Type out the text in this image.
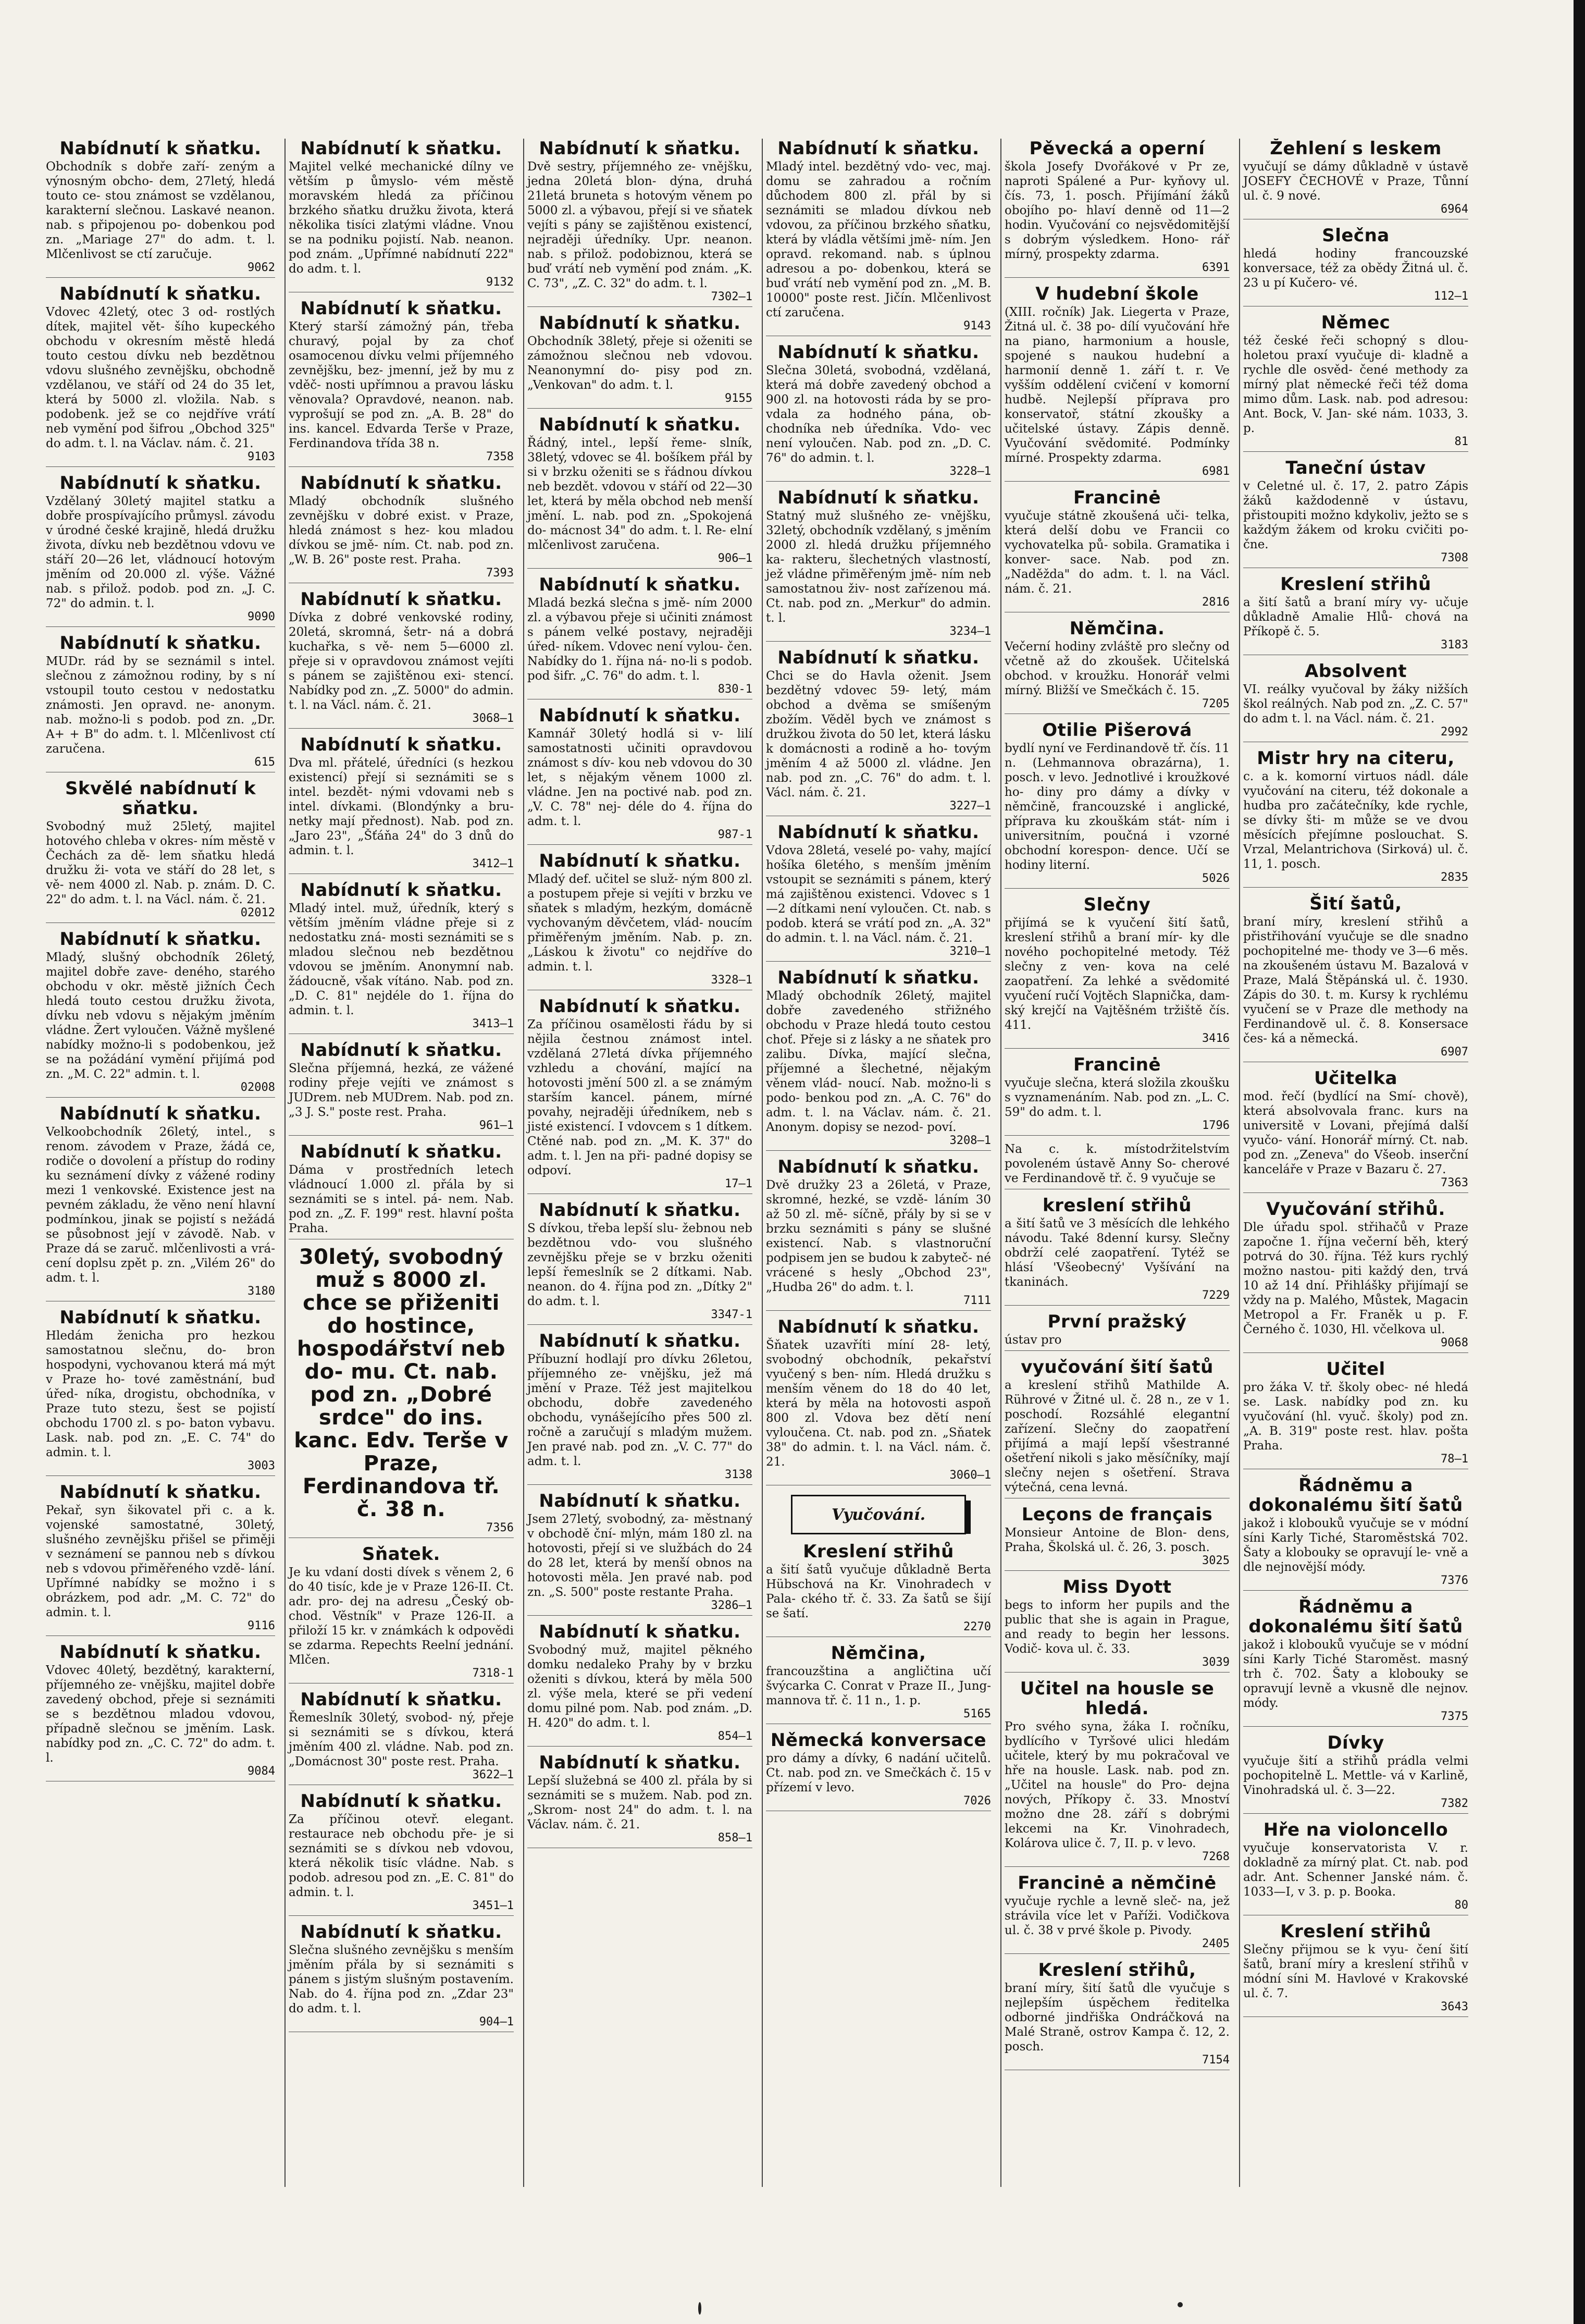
Nabídnutí k sňatku.

Obchodník s dobře zaří- zeným a výnosným obcho- dem, 27letý, hledá touto ce- stou známost se vzdělanou, karakterní slečnou. Laskavé neanon. nab. s připojenou po- dobenkou pod zn. „Mariage 27" do adm. t. l. Mlčenlivost se ctí zaručuje.

9062
Nabídnutí k sňatku.

Vdovec 42letý, otec 3 od- rostlých dítek, majitel vět- šího kupeckého obchodu v okresním městě hledá touto cestou dívku neb bezdětnou vdovu slušného zevnějšku, obchodně vzdělanou, ve stáří od 24 do 35 let, která by 5000 zl. vložila. Nab. s podobenk. jež se co nejdříve vrátí neb vymění pod šifrou „Obchod 325" do adm. t. l. na Václav. nám. č. 21.

9103
Nabídnutí k sňatku.

Vzdělaný 30letý majitel statku a dobře prospívajícího průmysl. závodu v úrodné české krajině, hledá družku života, dívku neb bezdětnou vdovu ve stáří 20—26 let, vládnoucí hotovým jměním od 20.000 zl. výše. Vážné nab. s přilož. podob. pod zn. „J. C. 72" do admin. t. l.

9090
Nabídnutí k sňatku.

MUDr. rád by se seznámil s intel. slečnou z zámožnou rodiny, by s ní vstoupil touto cestou v nedostatku známosti. Jen opravd. ne- anonym. nab. možno-li s podob. pod zn. „Dr. A+ + B" do adm. t. l. Mlčenlivost ctí zaručena.

615
Skvělé nabídnutí k sňatku.

Svobodný muž 25letý, majitel hotového chleba v okres- ním městě v Čechách za dě- lem sňatku hledá družku ži- vota ve stáří do 28 let, s vě- nem 4000 zl. Nab. p. znám. D. C. 22" do adm. t. l. na Václ. nám. č. 21.

02012
Nabídnutí k sňatku.

Mladý, slušný obchodník 26letý, majitel dobře zave- deného, starého obchodu v okr. městě jižních Čech hledá touto cestou družku života, dívku neb vdovu s nějakým jměním vládne. Žert vyloučen. Vážně myšlené nabídky možno-li s podobenkou, jež se na požádání vymění přijímá pod zn. „M. C. 22" admin. t. l.

02008
Nabídnutí k sňatku.

Velkoobchodník 26letý, intel., s renom. závodem v Praze, žádá ce, rodiče o dovolení a přístup do rodiny ku seznámení dívky z vážené rodiny mezi 1 venkovské. Existence jest na pevném základu, že věno není hlavní podmínkou, jinak se pojistí s nežádá se působnost její v závodě. Nab. v Praze dá se zaruč. mlčenlivosti a vrá- cení doplsu zpět p. zn. „Vilém 26" do adm. t. l.

3180
Nabídnutí k sňatku.

Hledám ženicha pro hezkou samostatnou slečnu, do- bron hospodyni, vychovanou která má mýt v Praze ho- tové zaměstnání, buď úřed- níka, drogistu, obchodníka, v Praze tuto stezu, šest se pojistí obchodu 1700 zl. s po- baton vybavu. Lask. nab. pod zn. „E. C. 74" do admin. t. l.

3003
Nabídnutí k sňatku.

Pekař, syn šikovatel při c. a k. vojenské samostatné, 30letý, slušného zevnějšku přišel se přiměji v seznámení se pannou neb s dívkou neb s vdovou přiměřeného vzdě- lání. Upřímné nabídky se možno i s obrázkem, pod adr. „M. C. 72" do admin. t. l.

9116
Nabídnutí k sňatku.

Vdovec 40letý, bezdětný, karakterní, příjemného ze- vnějšku, majitel dobře zavedený obchod, přeje si seznámiti se s bezdětnou mladou vdovou, případně slečnou se jměním. Lask. nabídky pod zn. „C. C. 72" do adm. t. l.

9084
Nabídnutí k sňatku.

Majitel velké mechanické dílny ve větším p ůmyslo- vém městě moravském hledá za příčinou brzkého sňatku družku života, která několika tisíci zlatými vládne. Vnou se na podniku pojistí. Nab. neanon. pod znám. „Upřímné nabídnutí 222" do adm. t. l.

9132
Nabídnutí k sňatku.

Který starší zámožný pán, třeba churavý, pojal by za choť osamocenou dívku velmi příjemného zevnějšku, bez- jmenní, jež by mu z vděč- nosti upřímnou a pravou lásku věnovala? Opravdové, neanon. nab. vyprošují se pod zn. „A. B. 28" do ins. kancel. Edvarda Terše v Praze, Ferdinandova třída 38 n.

7358
Nabídnutí k sňatku.

Mladý obchodník slušného zevnějšku v dobré exist. v Praze, hledá známost s hez- kou mladou dívkou se jmě- ním. Ct. nab. pod zn. „W. B. 26" poste rest. Praha.

7393
Nabídnutí k sňatku.

Dívka z dobré venkovské rodiny, 20letá, skromná, šetr- ná a dobrá kuchařka, s vě- nem 5—6000 zl. přeje si v opravdovou známost vejíti s pánem se zajištěnou exi- stencí. Nabídky pod zn. „Z. 5000" do admin. t. l. na Václ. nám. č. 21.

3068—1
Nabídnutí k sňatku.

Dva ml. přátelé, úředníci (s hezkou existencí) přejí si seznámiti se s intel. bezdět- nými vdovami neb s intel. dívkami. (Blondýnky a bru- netky mají přednost). Nab. pod zn. „Jaro 23", „Šťáňa 24" do 3 dnů do admin. t. l.

3412—1
Nabídnutí k sňatku.

Mladý intel. muž, úředník, který s větším jměním vládne přeje si z nedostatku zná- mosti seznámiti se s mladou slečnou neb bezdětnou vdovou se jměním. Anonymní nab. žádoucně, však vítáno. Nab. pod zn. „D. C. 81" nejdéle do 1. října do admin. t. l.

3413—1
Nabídnutí k sňatku.

Slečna příjemná, hezká, ze vážené rodiny přeje vejíti ve známost s JUDrem. neb MUDrem. Nab. pod zn. „3 J. S." poste rest. Praha.

961—1
Nabídnutí k sňatku.

Dáma v prostředních letech vládnoucí 1.000 zl. přála by si seznámiti se s intel. pá- nem. Nab. pod zn. „Z. F. 199" rest. hlavní pošta Praha.

30letý, svobodný muž s 8000 zl. chce se přiženiti do hostince, hospodářství neb do- mu. Ct. nab. pod zn. „Dobré srdce" do ins. kanc. Edv. Terše v Praze, Ferdinandova tř. č. 38 n.
7356
Sňatek.

Je ku vdaní dosti dívek s věnem 2, 6 do 40 tisíc, kde je v Praze 126-II. Ct. adr. pro- dej na adresu „Český ob- chod. Věstník" v Praze 126-II. a přiloží 15 kr. v známkách k odpovědi se zdarma. Repechts Reelní jednání. Mlčen.

7318-1
Nabídnutí k sňatku.

Řemeslník 30letý, svobod- ný, přeje si seznámiti se s dívkou, která jměním 400 zl. vládne. Nab. pod zn. „Domácnost 30" poste rest. Praha.

3622—1
Nabídnutí k sňatku.

Za příčinou otevř. elegant. restaurace neb obchodu pře- je si seznámiti se s dívkou neb vdovou, která několik tisíc vládne. Nab. s podob. adresou pod zn. „E. C. 81" do admin. t. l.

3451—1
Nabídnutí k sňatku.

Slečna slušného zevnějšku s menším jměním přála by si seznámiti s pánem s jistým slušným postavením. Nab. do 4. října pod zn. „Zdar 23" do adm. t. l.

904—1
Nabídnutí k sňatku.

Dvě sestry, příjemného ze- vnějšku, jedna 20letá blon- dýna, druhá 21letá bruneta s hotovým věnem po 5000 zl. a výbavou, přejí si ve sňatek vejíti s pány se zajištěnou existencí, nejraději úředníky. Upr. neanon. nab. s přilož. podobiznou, která se buď vrátí neb vymění pod znám. „K. C. 73", „Z. C. 32" do adm. t. l.

7302—1
Nabídnutí k sňatku.

Obchodník 38letý, přeje si oženiti se zámožnou slečnou neb vdovou. Neanonymní do- pisy pod zn. „Venkovan" do adm. t. l.

9155
Nabídnutí k sňatku.

Řádný, intel., lepší řeme- slník, 38letý, vdovec se 4l. bošíkem přál by si v brzku oženiti se s řádnou dívkou neb bezdět. vdovou v stáří od 22—30 let, která by měla obchod neb menší jmění. L. nab. pod zn. „Spokojená do- mácnost 34" do adm. t. l. Re- elní mlčenlivost zaručena.

906—1
Nabídnutí k sňatku.

Mladá bezká slečna s jmě- ním 2000 zl. a výbavou přeje si učiniti známost s pánem velké postavy, nejraději úřed- níkem. Vdovec není vylou- čen. Nabídky do 1. října ná- no-li s podob. pod šifr. „C. 76" do adm. t. l.

830-1
Nabídnutí k sňatku.

Kamnář 30letý hodlá si v- lilí samostatnosti učiniti opravdovou známost s dív- kou neb vdovou do 30 let, s nějakým věnem 1000 zl. vládne. Jen na poctivé nab. pod zn. „V. C. 78" nej- déle do 4. října do adm. t. l.

987-1
Nabídnutí k sňatku.

Mladý def. učitel se služ- ným 800 zl. a postupem přeje si vejíti v brzku ve sňatek s mladým, hezkým, domácně vychovaným děvčetem, vlád- noucím přiměřeným jměním. Nab. p. zn. „Láskou k životu" co nejdříve do admin. t. l.

3328—1
Nabídnutí k sňatku.

Za příčinou osamělosti řádu by si nějila čestnou známost intel. vzdělaná 27letá dívka příjemného vzhledu a chování, mající na hotovosti jmění 500 zl. a se známým starším kancel. pánem, mírné povahy, nejraději úředníkem, neb s jisté existencí. I vdovcem s 1 dítkem. Ctěné nab. pod zn. „M. K. 37" do adm. t. l. Jen na při- padné dopisy se odpoví.

17—1
Nabídnutí k sňatku.

S dívkou, třeba lepší slu- žebnou neb bezdětnou vdo- vou slušného zevnějšku přeje se v brzku oženiti lepší řemeslník se 2 dítkami. Nab. neanon. do 4. října pod zn. „Dítky 2" do adm. t. l.

3347-1
Nabídnutí k sňatku.

Příbuzní hodlají pro dívku 26letou, příjemného ze- vnějšku, jež má jmění v Praze. Též jest majitelkou obchodu, dobře zavedeného obchodu, vynášejícího přes 500 zl. ročně a zaručují s mladým mužem. Jen pravé nab. pod zn. „V. C. 77" do adm. t. l.

3138
Nabídnutí k sňatku.

Jsem 27letý, svobodný, za- městnaný v obchodě ční- mlýn, mám 180 zl. na hotovosti, přejí si ve službách do 24 do 28 let, která by menší obnos na hotovosti měla. Jen pravé nab. pod zn. „S. 500" poste restante Praha.

3286—1
Nabídnutí k sňatku.

Svobodný muž, majitel pěkného domku nedaleko Prahy by v brzku oženiti s dívkou, která by měla 500 zl. výše mela, které se při vedení domu pilné pom. Nab. pod znám. „D. H. 420" do adm. t. l.

854—1
Nabídnutí k sňatku.

Lepší služebná se 400 zl. přála by si seznámiti se s mužem. Nab. pod zn. „Skrom- nost 24" do adm. t. l. na Václav. nám. č. 21.

858—1
Nabídnutí k sňatku.

Mladý intel. bezdětný vdo- vec, maj. domu se zahradou a ročním důchodem 800 zl. přál by si seznámiti se mladou dívkou neb vdovou, za příčinou brzkého sňatku, která by vládla většími jmě- ním. Jen opravd. rekomand. nab. s úplnou adresou a po- dobenkou, která se buď vrátí neb vymění pod zn. „M. B. 10000" poste rest. Jičín. Mlčenlivost ctí zaručena.

9143
Nabídnutí k sňatku.

Slečna 30letá, svobodná, vzdělaná, která má dobře zavedený obchod a 900 zl. na hotovosti ráda by se pro- vdala za hodného pána, ob- chodníka neb úředníka. Vdo- vec není vyloučen. Nab. pod zn. „D. C. 76" do admin. t. l.

3228—1
Nabídnutí k sňatku.

Statný muž slušného ze- vnějšku, 32letý, obchodník vzdělaný, s jměním 2000 zl. hledá družku příjemného ka- rakteru, šlechetných vlastností, jež vládne přiměřeným jmě- ním neb samostatnou živ- nost zařízenou má. Ct. nab. pod zn. „Merkur" do admin. t. l.

3234—1
Nabídnutí k sňatku.

Chci se do Havla oženit. Jsem bezdětný vdovec 59- letý, mám obchod a dvěma se smíšeným zbožím. Věděl bych ve známost s družkou života do 50 let, která lásku k domácnosti a rodině a ho- tovým jměním 4 až 5000 zl. vládne. Jen nab. pod zn. „C. 76" do adm. t. l. Václ. nám. č. 21.

3227—1
Nabídnutí k sňatku.

Vdova 28letá, veselé po- vahy, mající hošíka 6letého, s menším jměním vstoupit se seznámiti s pánem, který má zajištěnou existenci. Vdovec s 1—2 dítkami není vyloučen. Ct. nab. s podob. která se vrátí pod zn. „A. 32" do admin. t. l. na Václ. nám. č. 21.

3210—1
Nabídnutí k sňatku.

Mladý obchodník 26letý, majitel dobře zavedeného střižného obchodu v Praze hledá touto cestou choť. Přeje si z lásky a ne sňatek pro zalibu. Dívka, mající slečna, příjemné a šlechetné, nějakým věnem vlád- noucí. Nab. možno-li s podo- benkou pod zn. „A. C. 76" do adm. t. l. na Václav. nám. č. 21. Anonym. dopisy se nezod- poví.

3208—1
Nabídnutí k sňatku.

Dvě družky 23 a 26letá, v Praze, skromné, hezké, se vzdě- láním 30 až 50 zl. mě- síčně, přály by si se v brzku seznámiti s pány se slušné existencí. Nab. s vlastnoruční podpisem jen se budou k zabyteč- né vrácené s hesly „Obchod 23", „Hudba 26" do adm. t. l.

7111
Nabídnutí k sňatku.

Šňatek uzavříti míní 28- letý, svobodný obchodník, pekařství vyučený s ben- ním. Hledá družku s menším věnem do 18 do 40 let, která by měla na hotovosti aspoň 800 zl. Vdova bez dětí není vyloučena. Ct. nab. pod zn. „Sňatek 38" do admin. t. l. na Václ. nám. č. 21.

3060—1
Vyučování.
Kreslení střihů

a šití šatů vyučuje důkladně Berta Hübschová na Kr. Vinohradech v Pala- ckého tř. č. 33. Za šatů se šijí se šatí.

2270
Němčina,

francouzština a angličtina učí švýcarka C. Conrat v Praze II., Jung- mannova tř. č. 11 n., 1. p.

5165
Německá konversace

pro dámy a dívky, 6 nadání učitelů. Ct. nab. pod zn. ve Smečkách č. 15 v přízemí v levo.

7026
Pěvecká a operní

škola Josefy Dvořákové v Pr ze, naproti Spálené a Pur- kyňovy ul. čís. 73, 1. posch. Přijímání žáků obojího po- hlaví denně od 11—2 hodin. Vyučování co nejsvědomitější s dobrým výsledkem. Hono- rář mírný, prospekty zdarma.

6391
V hudební škole

(XIII. ročník) Jak. Liegerta v Praze, Žitná ul. č. 38 po- dílí vyučování hře na piano, harmonium a housle, spojené s naukou hudební a harmonií denně 1. září t. r. Ve vyšším oddělení cvičení v komorní hudbě. Nejlepší příprava pro konservatoř, státní zkoušky a učitelské ústavy. Zápis denně. Vyučování svědomité. Podmínky mírné. Prospekty zdarma.

6981
Francinė

vyučuje státně zkoušená uči- telka, která delší dobu ve Francii co vychovatelka pů- sobila. Gramatika i konver- sace. Nab. pod zn. „Naděžda" do adm. t. l. na Václ. nám. č. 21.

2816
Němčina.

Večerní hodiny zvláště pro slečny od včetně až do zkoušek. Učitelská obchod. v kroužku. Honorář velmi mírný. Bližší ve Smečkách č. 15.

7205
Otilie Pišerová

bydlí nyní ve Ferdinandově tř. čís. 11 n. (Lehmannova obrazárna), 1. posch. v levo. Jednotlivé i kroužkové ho- diny pro dámy a dívky v němčině, francouzské i anglické, příprava ku zkouškám stát- ním i universitním, poučná i vzorné obchodní korespon- dence. Učí se hodiny literní.

5026
Slečny

přijímá se k vyučení šití šatů, kreslení střihů a braní mír- ky dle nového pochopitelné metody. Též slečny z ven- kova na celé zaopatření. Za lehké a svědomité vyučení ručí Vojtěch Slapnička, dam- ský krejčí na Vajtěšném tržiště čís. 411.

3416
Francinė

vyučuje slečna, která složila zkoušku s vyznamenáním. Nab. pod zn. „L. C. 59" do adm. t. l.

1796

Na c. k. místodržitelstvím povoleném ústavě Anny So- cherové ve Ferdinandově tř. č. 9 vyučuje se

kreslení střihů

a šití šatů ve 3 měsících dle lehkého návodu. Také 8denní kursy. Slečny obdrží celé zaopatření. Tytéž se hlásí 'Všeobecný' Vyšívání na tkaninách.

7229
První pražský

ústav pro

vyučování šití šatů

a kreslení střihů Mathilde A. Rührové v Žitné ul. č. 28 n., ze v 1. poschodí. Rozsáhlé elegantní zařízení. Slečny do zaopatření přijímá a mají lepší všestranné ošetření nikoli s jako měsíčníky, mají slečny nejen s ošetření. Strava výtečná, cena levná.

Leçons de français

Monsieur Antoine de Blon- dens, Praha, Školská ul. č. 26, 3. posch.

3025
Miss Dyott

begs to inform her pupils and the public that she is again in Prague, and ready to begin her lessons. Vodič- kova ul. č. 33.

3039
Učitel na housle se hledá.

Pro svého syna, žáka I. ročníku, bydlícího v Tyršové ulici hledám učitele, který by mu pokračoval ve hře na housle. Lask. nab. pod zn. „Učitel na housle" do Pro- dejna nových, Příkopy č. 33. Mnoství možno dne 28. září s dobrými lekcemi na Kr. Vinohradech, Kolárova ulice č. 7, II. p. v levo.

7268
Francinė a němčinė

vyučuje rychle a levně sleč- na, jež strávila více let v Paříži. Vodičkova ul. č. 38 v prvé škole p. Pivody.

2405
Kreslení střihů,

braní míry, šití šatů dle vyučuje s nejlepším úspěchem ředitelka odborné jindřiška Ondráčková na Malé Straně, ostrov Kampa č. 12, 2. posch.

7154
Žehlení s leskem

vyučují se dámy důkladně v ústavě JOSEFY ČECHOVÉ v Praze, Tůnní ul. č. 9 nové.

6964
Slečna

hledá hodiny francouzské konversace, též za obědy Žitná ul. č. 23 u pí Kučero- vé.

112—1
Němec

též české řeči schopný s dlou- holetou praxí vyučuje di- kladně a rychle dle osvěd- čené methody za mírný plat německé řeči též doma mimo dům. Lask. nab. pod adresou: Ant. Bock, V. Jan- ské nám. 1033, 3. p.

81
Taneční ústav

v Celetné ul. č. 17, 2. patro Zápis žáků každodenně v ústavu, přistoupiti možno kdykoliv, ježto se s každým žákem od kroku cvičiti po- čne.

7308
Kreslení střihů

a šití šatů a braní míry vy- učuje důkladně Amalie Hlů- chová na Příkopě č. 5.

3183
Absolvent

VI. reálky vyučoval by žáky nižších škol reálných. Nab pod zn. „Z. C. 57" do adm t. l. na Václ. nám. č. 21.

2992
Mistr hry na citeru,

c. a k. komorní virtuos nádl. dále vyučování na citeru, též dokonale a hudba pro začátečníky, kde rychle, se dívky šti- m může se ve dvou měsících přejímne poslouchat. S. Vrzal, Melantrichova (Sirková) ul. č. 11, 1. posch.

2835
Šití šatů,

braní míry, kreslení střihů a přistřihování vyučuje se dle snadno pochopitelné me- thody ve 3—6 měs. na zkoušeném ústavu M. Bazalová v Praze, Malá Štěpánská ul. č. 1930. Zápis do 30. t. m. Kursy k rychlému vyučení se v Praze dle methody na Ferdinandově ul. č. 8. Konsersace čes- ká a německá.

6907
Učitelka

mod. řečí (bydlící na Smí- chově), která absolvovala franc. kurs na universitě v Lovani, přejímá další vyučo- vání. Honorář mírný. Ct. nab. pod zn. „Zeneva" do Všeob. inserční kanceláře v Praze v Bazaru č. 27.

7363
Vyučování střihů.

Dle úřadu spol. střihačů v Praze započne 1. října večerní běh, který potrvá do 30. října. Též kurs rychlý možno nastou- piti každý den, trvá 10 až 14 dní. Přihlášky přijímají se vždy na p. Malého, Můstek, Magacin Metropol a Fr. Franěk u p. F. Černého č. 1030, Hl. včelkova ul.

9068
Učitel

pro žáka V. tř. školy obec- né hledá se. Lask. nabídky pod zn. ku vyučování (hl. vyuč. školy) pod zn. „A. B. 319" poste rest. hlav. pošta Praha.

78—1
Řádněmu a dokonalému šití šatů

jakož i klobouků vyučuje se v módní síni Karly Tiché, Staroměstská 702. Šaty a klobouky se opravují le- vně a dle nejnovější módy.

7376
Řádněmu a dokonalému šití šatů

jakož i klobouků vyučuje se v módní síni Karly Tiché Staroměst. masný trh č. 702. Šaty a klobouky se opravují levně a vkusně dle nejnov. módy.

7375
Dívky

vyučuje šití a střihů prádla velmi pochopitelně L. Mettle- vá v Karlině, Vinohradská ul. č. 3—22.

7382
Hře na violoncello

vyučuje konservatorista V. r. dokladně za mírný plat. Ct. nab. pod adr. Ant. Schenner Janské nám. č. 1033—I, v 3. p. p. Booka.

80
Kreslení střihů

Slečny přijmou se k vyu- čení šití šatů, braní míry a kreslení střihů v módní síni M. Havlové v Krakovské ul. č. 7.

3643
